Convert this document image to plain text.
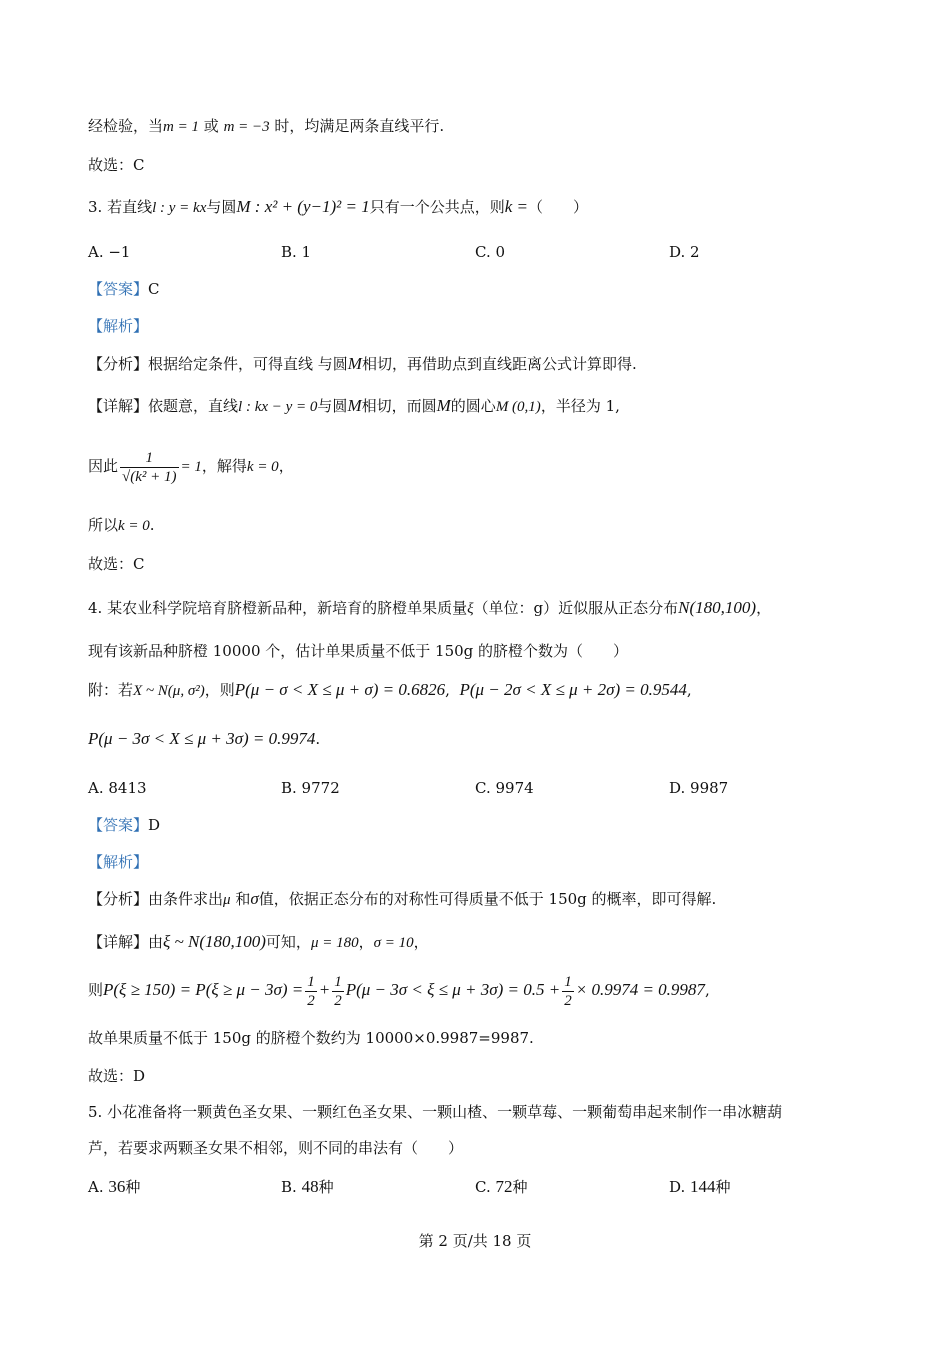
经检验，当m = 1 或 m = −3 时，均满足两条直线平行.
故选：C
3. 若直线l : y = kx与圆M : x² + (y−1)² = 1只有一个公共点，则k =（　　）
A. −1	B. 1	C. 0	D. 2
【答案】C
【解析】
【分析】根据给定条件，可得直线 与圆M相切，再借助点到直线距离公式计算即得.
【详解】依题意，直线l : kx − y = 0与圆M相切，而圆M的圆心M (0,1)，半径为 1,
因此 $\frac{1}{\text{√(k² + 1)}} = 1$，解得k = 0，
所以k = 0.
故选：C
4. 某农业科学院培育脐橙新品种，新培育的脐橙单果质量ξ（单位：g）近似服从正态分布N(180,100)，
现有该新品种脐橙 10000 个，估计单果质量不低于 150g 的脐橙个数为（　　）
附：若X ~ N(μ, σ²)，则P(μ − σ < X ≤ μ + σ) = 0.6826,  P(μ − 2σ < X ≤ μ + 2σ) = 0.9544,
P(μ − 3σ < X ≤ μ + 3σ) = 0.9974.
A. 8413	B. 9772	C. 9974	D. 9987
【答案】D
【解析】
【分析】由条件求出μ 和σ值，依据正态分布的对称性可得质量不低于 150g 的概率，即可得解.
【详解】由ξ ~ N(180,100)可知，μ = 180，σ = 10，
则$P(\xi \ge 150) = P(\xi \ge \mu - 3\sigma) = \frac{1}{2} + \frac{1}{2} P(\mu - 3\sigma < \xi \le \mu + 3\sigma) = 0.5 + \frac{1}{2} \times 0.9974 = 0.9987$,
故单果质量不低于 150g 的脐橙个数约为 10000×0.9987=9987.
故选：D
5. 小花准备将一颗黄色圣女果、一颗红色圣女果、一颗山楂、一颗草莓、一颗葡萄串起来制作一串冰糖葫
芦，若要求两颗圣女果不相邻，则不同的串法有（　　）
A. 36种	B. 48种	C. 72种	D. 144种
第 2 页/共 18 页
